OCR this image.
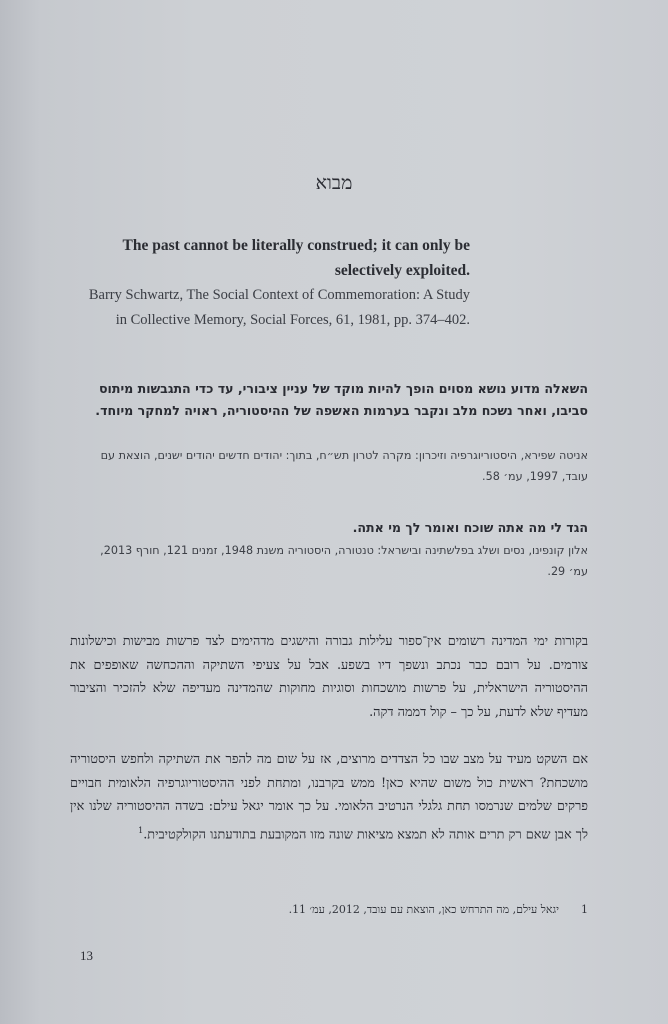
מבוא
The past cannot be literally construed; it can only be selectively exploited.
Barry Schwartz, The Social Context of Commemoration: A Study in Collective Memory, Social Forces, 61, 1981, pp. 374–402.
השאלה מדוע נושא מסוים הופך להיות מוקד של עניין ציבורי, עד כדי התגבשות מיתוס סביבו, ואחר נשכח מלב ונקבר בערמות האשפה של ההיסטוריה, ראויה למחקר מיוחד.
אניטה שפירא, היסטוריוגרפיה וזיכרון: מקרה לטרון תש״ח, בתוך: יהודים חדשים יהודים ישנים, הוצאת עם עובד, 1997, עמ׳ 58.
הגד לי מה אתה שוכח ואומר לך מי אתה.
אלון קונפינו, נסים ושלג בפלשתינה ובישראל: טנטורה, היסטוריה משנת 1948, זמנים 121, חורף 2013, עמ׳ 29.
בקורות ימי המדינה רשומים אין־ספור עלילות גבורה והישגים מדהימים לצד פרשות מבישות וכישלונות צורמים. על רובם כבר נכתב ונשפך דיו בשפע. אבל על צעיפי השתיקה וההכחשה שאופפים את ההיסטוריה הישראלית, על פרשות מושכחות וסוגיות מחוקות שהמדינה מעדיפה שלא להזכיר והציבור מעדיף שלא לדעת, על כך – קול דממה דקה.
אם השקט מעיד על מצב שבו כל הצדדים מרוצים, אז על שום מה להפר את השתיקה ולחפש היסטוריה מושכחת? ראשית כול משום שהיא כאן! ממש בקרבנו, ומתחת לפני ההיסטוריוגרפיה הלאומית חבויים פרקים שלמים שנרמסו תחת גלגלי הנרטיב הלאומי. על כך אומר יגאל עילם: בשדה ההיסטוריה שלנו אין לך אבן שאם רק תרים אותה לא תמצא מציאות שונה מזו המקובעת בתודעתנו הקולקטיבית.$^1$
1יגאל עילם, מה התרחש כאן, הוצאת עם עובד, 2012, עמ׳ 11.
13
